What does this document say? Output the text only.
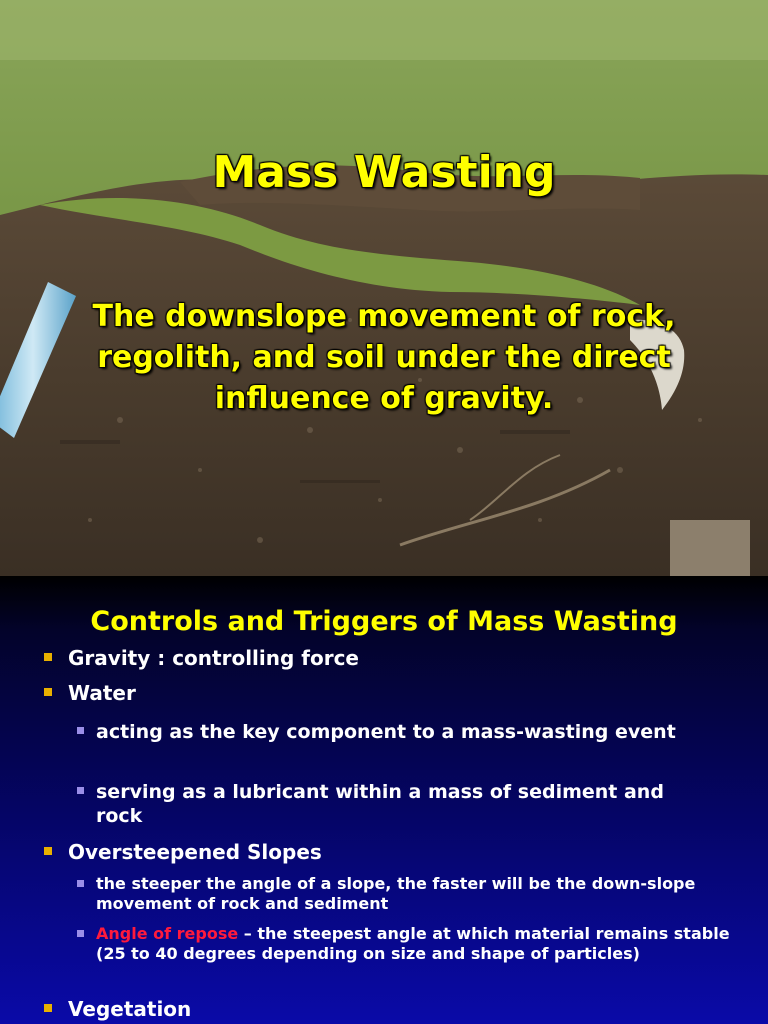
Mass Wasting
The downslope movement of rock, regolith, and soil under the direct influence of gravity.
Controls and Triggers of Mass Wasting
Gravity : controlling force
Water
acting as the key component to a mass-wasting event
serving as a lubricant within a mass of sediment and rock
Oversteepened Slopes
the steeper the angle of a slope, the faster will be the down-slope movement of rock and sediment
Angle of repose – the steepest angle at which material remains stable (25 to 40 degrees depending on size and shape of particles)
Vegetation
